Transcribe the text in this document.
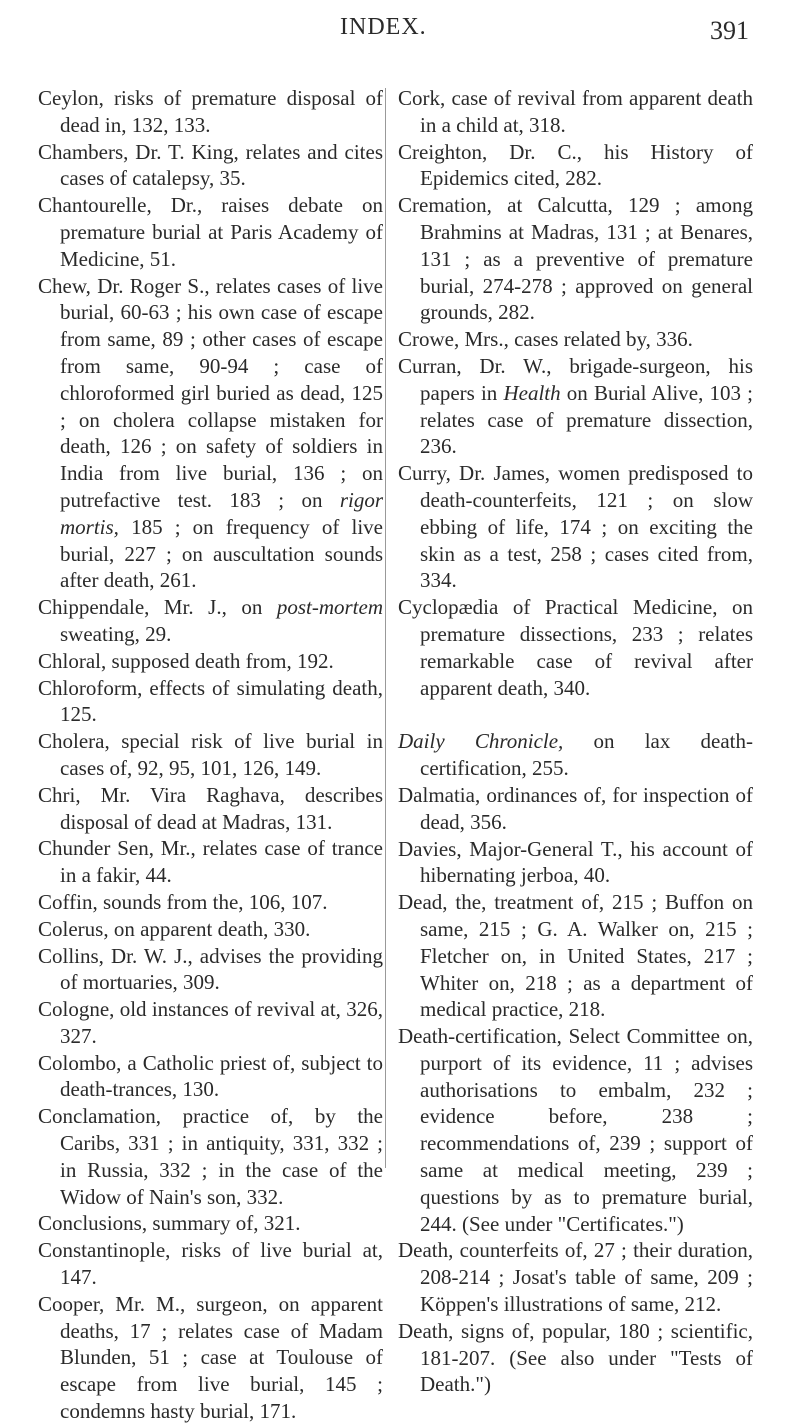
INDEX.	391

Ceylon, risks of premature disposal of dead in, 132, 133.

Chambers, Dr. T. King, relates and cites cases of catalepsy, 35.

Chantourelle, Dr., raises debate on premature burial at Paris Academy of Medicine, 51.

Chew, Dr. Roger S., relates cases of live burial, 60-63 ; his own case of escape from same, 89 ; other cases of escape from same, 90-94 ; case of chloroformed girl buried as dead, 125 ; on cholera collapse mistaken for death, 126 ; on safety of soldiers in India from live burial, 136 ; on putrefactive test. 183 ; on rigor mortis, 185 ; on frequency of live burial, 227 ; on auscultation sounds after death, 261.

Chippendale, Mr. J., on post-mortem sweating, 29.

Chloral, supposed death from, 192.

Chloroform, effects of simulating death, 125.

Cholera, special risk of live burial in cases of, 92, 95, 101, 126, 149.

Chri, Mr. Vira Raghava, describes disposal of dead at Madras, 131.

Chunder Sen, Mr., relates case of trance in a fakir, 44.

Coffin, sounds from the, 106, 107.

Colerus, on apparent death, 330.

Collins, Dr. W. J., advises the providing of mortuaries, 309.

Cologne, old instances of revival at, 326, 327.

Colombo, a Catholic priest of, subject to death-trances, 130.

Conclamation, practice of, by the Caribs, 331 ; in antiquity, 331, 332 ; in Russia, 332 ; in the case of the Widow of Nain's son, 332.

Conclusions, summary of, 321.

Constantinople, risks of live burial at, 147.

Cooper, Mr. M., surgeon, on apparent deaths, 17 ; relates case of Madam Blunden, 51 ; case at Toulouse of escape from live burial, 145 ; condemns hasty burial, 171.

Cork, case of revival from apparent death in a child at, 318.

Creighton, Dr. C., his History of Epidemics cited, 282.

Cremation, at Calcutta, 129 ; among Brahmins at Madras, 131 ; at Benares, 131 ; as a preventive of premature burial, 274-278 ; approved on general grounds, 282.

Crowe, Mrs., cases related by, 336.

Curran, Dr. W., brigade-surgeon, his papers in Health on Burial Alive, 103 ; relates case of premature dissection, 236.

Curry, Dr. James, women predisposed to death-counterfeits, 121 ; on slow ebbing of life, 174 ; on exciting the skin as a test, 258 ; cases cited from, 334.

Cyclopædia of Practical Medicine, on premature dissections, 233 ; relates remarkable case of revival after apparent death, 340.

Daily Chronicle, on lax death-certification, 255.

Dalmatia, ordinances of, for inspection of dead, 356.

Davies, Major-General T., his account of hibernating jerboa, 40.

Dead, the, treatment of, 215 ; Buffon on same, 215 ; G. A. Walker on, 215 ; Fletcher on, in United States, 217 ; Whiter on, 218 ; as a department of medical practice, 218.

Death-certification, Select Committee on, purport of its evidence, 11 ; advises authorisations to embalm, 232 ; evidence before, 238 ; recommendations of, 239 ; support of same at medical meeting, 239 ; questions by as to premature burial, 244. (See under "Certificates.")

Death, counterfeits of, 27 ; their duration, 208-214 ; Josat's table of same, 209 ; Köppen's illustrations of same, 212.

Death, signs of, popular, 180 ; scientific, 181-207. (See also under "Tests of Death.")
